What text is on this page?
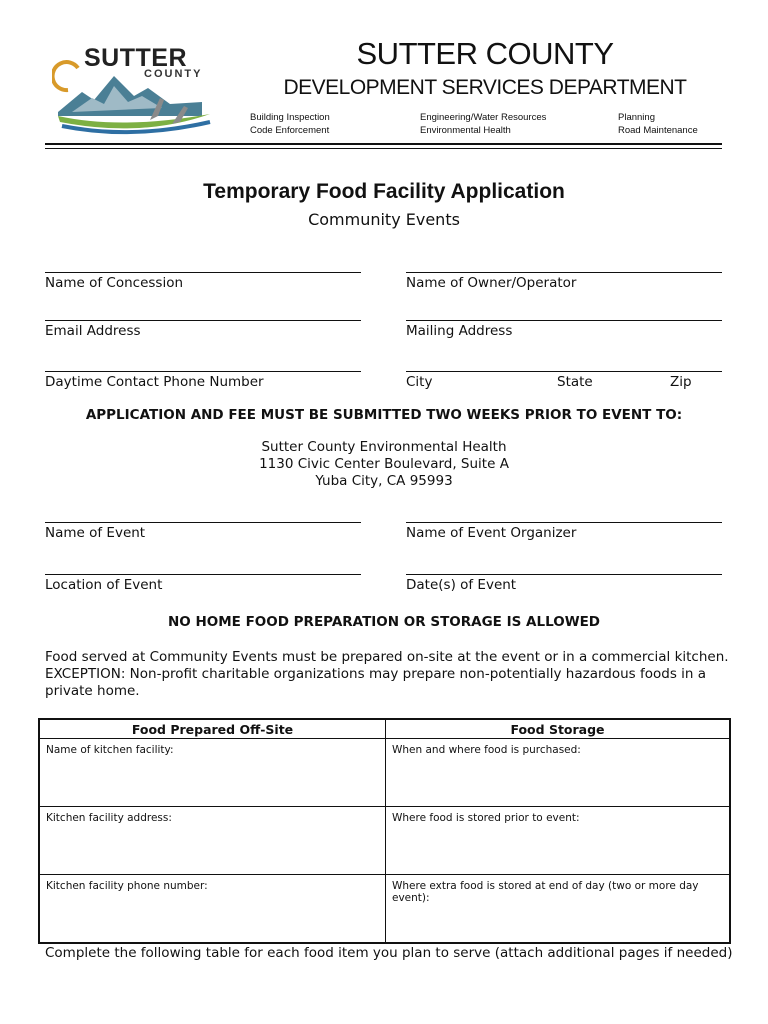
SUTTER
COUNTY
SUTTER COUNTY
DEVELOPMENT SERVICES DEPARTMENT
Building Inspection
Code Enforcement
Engineering/Water Resources
Environmental Health
Planning
Road Maintenance
Temporary Food Facility Application
Community Events
Name of Concession	Name of Owner/Operator
Email Address	Mailing Address
Daytime Contact Phone Number	City	State	Zip
APPLICATION AND FEE MUST BE SUBMITTED TWO WEEKS PRIOR TO EVENT TO:
Sutter County Environmental Health
1130 Civic Center Boulevard, Suite A
Yuba City, CA 95993
Name of Event	Name of Event Organizer
Location of Event	Date(s) of Event
NO HOME FOOD PREPARATION OR STORAGE IS ALLOWED
Food served at Community Events must be prepared on-site at the event or in a commercial kitchen.
EXCEPTION: Non-profit charitable organizations may prepare non-potentially hazardous foods in a private home.
Food Prepared Off-Site	Food Storage
Name of kitchen facility:	When and where food is purchased:
Kitchen facility address:	Where food is stored prior to event:
Kitchen facility phone number:	Where extra food is stored at end of day (two or more day event):
Complete the following table for each food item you plan to serve (attach additional pages if needed)
